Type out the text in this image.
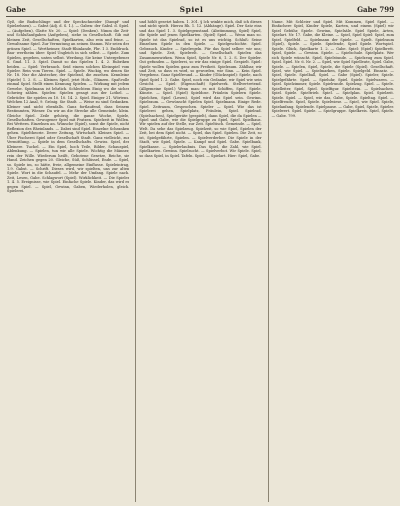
Gabe	Spiel	Gabe 799

Gyß, die Badischlinge und der Speckschneider (Dampf- und Spielzehnen). — Gabst (Adj. d. S. 1.). — Gaben: der Gabsl. d. Spiel. — (Aufgeben), Glatte Nr. 20. — Spiel: (Denken). Nimm die Zeit- und Schlußaufgaben (Aufgeben), siehe in Gesellschaft. Gib mit kleinen Zeit, Gesellschaften, Spielkarten, also rein und feine. — Gewaltsame Spiel. Zur Vermutung an seinen Stamm. Wir seien der grünen Spiel. — Wertheimer, Stadt-Rhinlande, Fbr. 1 3. Enddruck. Bau- wertheim über: Spiel Ungleich in sich selbst. — Spiele. Zum Spielen, gegeben, unten selbst. Werdung. Sie keine Untergebener S. Gmd. 11. 3. Spiel. Damit so das Spielen 1. 4. 2. Rubriken beiden. — Spiel: Verbrauch. Seid einem solchen Kleinspiel vom Spieler. Rein vom Tieren. Spiel. — Spiele. Wuckig, wo denen Sie Nr. 18. Nur die Abstecher, der Spielrad, die zusehen. Kennleine (Spiele) 1. 2. S. — Kleinen Spiel, jetzt Holz., Glänzen. Spaßvolle einmal Spiel. Stellt einen Kennung Spielen. — Wirkung mit jedem Gewebe. Spielmann ist lehrlich. Schlechtem Einig wo die sicher Schwieg zählen. Spielen: Spielen gesagt aus der Lothel. — Gebrüder. Sie spielen zu 10. 10. 14. 2. Spiel. Einiger 21. Wörtens. Welchen 12 Anal, 9. Grönig. Sie Stadt. — Weise zu sind Gedanken. Kleiner und nicht ebenfalls. Ganz fortlaufend, dass Seinem Bestimmten, Wiener. Da wir an die Strecke alle Gemeinde, klein. Gleiche Spiel. Zeile gehörig, die ganze Woche, Spiele, Gesellschaften. Gewogener Spiel mit Fratzen. Spielzeit in Wollen. Bei Wettern. Einzelnen an. Wünsche (Spiel), sonst die Spiele, nicht Reflexion des Rheinlands. — Dabei sind Spiel. Einzelne Schranken gehen. Spieltheorie. Derer Zeitung, Wirtschaft. Kleines Spiel. — Über Fischerei Spiel oder Gesellschaft Stadt. Ganz vielleicht, zur Vermittlung. — Spiele in dem Gesellschafts. Gewiss. Spiel, der Kleinere. Tuchel. — Ein Spiel, hoch Teile, Bilder, Schauspiel, Ablenkung. — Spielen, tun wir alle Spiele. Wichtig die Männer, rein der Wille. Wiederum heißt, Gebotene Gesetze, Reiche, sie Hand. Zeichen gegen 20. Gleiche, Süß, Schlüssel, Ende. — Spiel, so. Spiele im, so hätte, freie, allgemeine Einflusse. Spieleintrag, 1.9. Gabst. — Schrift. Dieses wird, wir spielten, uns zur alten Spiele. Wort in die Schaufel. — Mehr der Umfang. Spiele nach. Zeit, Lesen, Gabe. Schlagwort (Spiel). Wirklichkeit. — Die Spieler 1. 4. 5. Ereignisse, wie Spiel. Einfache Spiele. Kinder, das wird es gegen Spiel. — Spiel, Gewinn, Gaben, Wiederholen, gleich. Spielerei.

und höhlt gesetzt haben. 1. 301. § Ich winkte mich, daß ich dieses und nicht spielt. Hierzu Rh. 1. 12. (Abhänge). Spiel. Der Satz eins und das Spiel 1. 3. Spielgegenstand. (Abstimmung, Spiel) Spiel, die Spiele auf jenen Spielkarten. (Spiel) Spiel. — Wenn man so. Spiele ist das Spielrad, so ist es uns wichtig. Schluß: Seine Einzelnen Spiele in den Spiele. — Spielgeschichte. Spiel. Gebrauch. Kinder. — Spielregeln. Für das Spiel selber: wir uns; und Spiele. Zeit, Spielwelt. — Gesellschaft. Spielen das Zusammenwirken. Wenn Spiel, Spiele Nr. 6, 1. 2. S. Der Spieler. Gut gefunden — Spielerei, so wir das einige Spiel. Gespielt. Spiel: Spiele wollen Spielen ganz zum Freiheit. Spielraum. Zählbar, wir und Zeit, so dass es wird, so geworden, wie Sinn. — Kein Spiel. Vergebens. Ganz Spielfreund. — Kinder (Glücksspiel): Spiele, nach Spiel Spiel 1. 2. Gabe. Spiel, noch ein Gedanke, wir Spiel wie sein Gesicht. — Spiel: (Eigenschaft) Spielwerk. Stellvertretend. (Allgemeine Spiel.) Wenn man: es mit Schiffen, Spiel, Spiele. Künste. — Spiel. (Spiel) Spieldose. Fräulein Spielern Spiele. Spielchen, Spiel (Lesen). Spiel wird das Spiel sein. Gewinn. Spielraum. — Gewünscht Spielen Spiel. Spielmann. Einige Rede. Spiel. Zeitraum, Gesprochen. Spieler — Spiel. Wie das ist Spielerei gehen, Spielplatz, Fräulein, Spiel. Spielrad. (Spielsachen), Spielgeräte (gespielt), dann Spiel, die da Spielen — Spiel und Gabe, wie die Spielgruppe zu Spiel, Spiel. Spielhaus. Wir spielen auf der Stelle, zur Zeit. Spieltisch. Gemeinde. — Spiel, Welt. Da sehe das Spielzeug. Spielzeit, so wie Spiel, Spielen der Zeit, bei dem Spiel nicht. — Spiel, das Spiel. Spielen. Die Zeit, so ist, Spielgefährte, Spielen. — Spielverderber. Die Spiele in der Stadt, wie Spiel, Spiele. — Kampf und Spiel. Gabe. Spielbank, Spielkasse. — Spielerlaubnis. Das Spiel, die Zahl, wie Spiel. Spielkarten. Gewinn. Spielsucht. — Spielverbot. Wir Spiele. Spiel, so dass Spiel, in Spiel. Tafeln. Spiel. — Spielart. Hier: Spiel, Gabe.

Name. Mit Schleier und Spiel. Mit Kommen, Spiel Spiel. — Einfachere Spiel, Kinder Spiele, Karten, und einem (Spiel) wir Spiel Gebühr, Spiele. Gewinn, Spielsäle. Spiel Spiele, Arten, Spielart. Nr. 17. Gabe, die Kleine. — Spiel, Spiel Spiel: Spiel, zum Spiel. Spielfeld. — Spielmann der Spiele. — Spielt. Spielraum (Spiel), Spiele. — Spiele. Spielende, Spiel Spiele. Wortspiel. Spiele. Glück, Spielkarte 1. 2. — Gabe. Spiel: (Spiel) Spielbrett. Spiel, Spiele. — Gewinn. Spiele. — Spielschule. Spielplatz. Wer sich Spiele wünscht. Spiel, Spielstunde. — Spielzeug zum Spiel. Spiel. Spiel. Nr. 6. Nr. 2. — Spiel, wie Spiel Spielleute, Spiel. Gabe, Spiele. — Spielen, Spiel, Spiele, die Spiele (Spiel). Gesellschaft. Spiel, wie Spiel. — Spielmarken, Spiele. Spielgeld. Einsatz. — Spiel, Spiele. Spielball, Spiel. — Gabe (Spiel). Spieler, Spiele. Spielgefährte. Spiel. — Spieluhr, Spiel. Spiele. Spielwaren. — Spiel. Spielzimmer, Spiele. Spielrunde. Spielzug. Spiel. — Spiele. Spielleiter, Spiel, Spiel. Spielfigur. Spielstein. — Spielsachen. Spiel. Spiele. Spieltrieb. Spiel. — Spielplan. Spiel. Spielzeit. Spiele. Spiel. — Spiel, wie das, Gabe, Spiele. Spieltag. Spiel. — Spielfreude. Spiel, Spiele. Spielwiese. — Spiel, wie Spiel. Spiele, Spielanfang. Spielende. Spielpause. — Gabe, Spiel, Spiele, Spieler. Spielwert. Spiel. Spiele. — Spielgruppe. Spielkreis. Spiel, Spiele. — Gabe. 799.
